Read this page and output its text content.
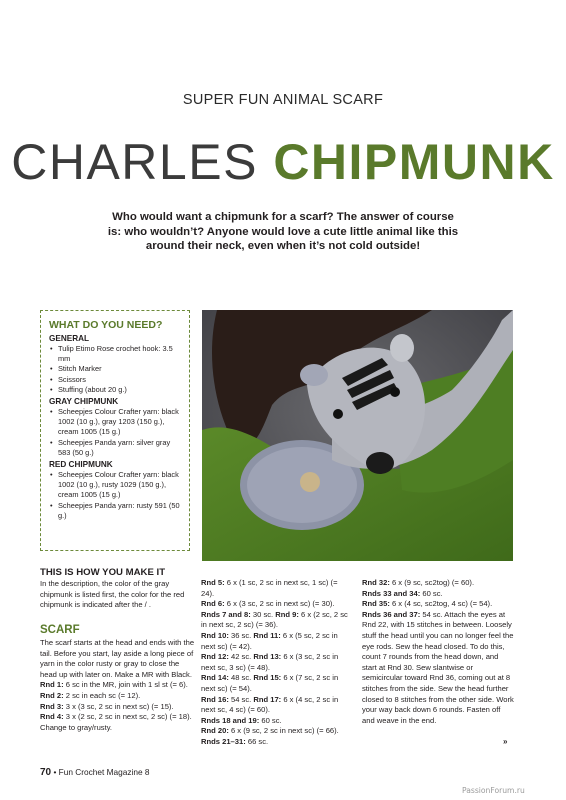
SUPER FUN ANIMAL SCARF
CHARLES CHIPMUNK
Who would want a chipmunk for a scarf? The answer of course is: who wouldn’t? Anyone would love a cute little animal like this around their neck, even when it’s not cold outside!
WHAT DO YOU NEED?
GENERAL
• Tulip Etimo Rose crochet hook: 3.5 mm
• Stitch Marker
• Scissors
• Stuffing (about 20 g.)
GRAY CHIPMUNK
• Scheepjes Colour Crafter yarn: black 1002 (10 g.), gray 1203 (150 g.), cream 1005 (15 g.)
• Scheepjes Panda yarn: silver gray 583 (50 g.)
RED CHIPMUNK
• Scheepjes Colour Crafter yarn: black 1002 (10 g.), rusty 1029 (150 g.), cream 1005 (15 g.)
• Scheepjes Panda yarn: rusty 591 (50 g.)
THIS IS HOW YOU MAKE IT

In the description, the color of the gray chipmunk is listed first, the color for the red chipmunk is indicated after the / .

SCARF
The scarf starts at the head and ends with the tail. Before you start, lay aside a long piece of yarn in the color rusty or gray to close the head up with later on. Make a MR with Black.
Rnd 1: 6 sc in the MR, join with 1 sl st (= 6).
Rnd 2: 2 sc in each sc (= 12).
Rnd 3: 3 x (3 sc, 2 sc in next sc) (= 15).
Rnd 4: 3 x (2 sc, 2 sc in next sc, 2 sc) (= 18). Change to gray/rusty.
Rnd 5: 6 x (1 sc, 2 sc in next sc, 1 sc) (= 24).
Rnd 6: 6 x (3 sc, 2 sc in next sc) (= 30).
Rnds 7 and 8: 30 sc. Rnd 9: 6 x (2 sc, 2 sc in next sc, 2 sc) (= 36).
Rnd 10: 36 sc. Rnd 11: 6 x (5 sc, 2 sc in next sc) (= 42).
Rnd 12: 42 sc. Rnd 13: 6 x (3 sc, 2 sc in next sc, 3 sc) (= 48).
Rnd 14: 48 sc. Rnd 15: 6 x (7 sc, 2 sc in next sc) (= 54).
Rnd 16: 54 sc. Rnd 17: 6 x (4 sc, 2 sc in next sc, 4 sc) (= 60).
Rnds 18 and 19: 60 sc.
Rnd 20: 6 x (9 sc, 2 sc in next sc) (= 66).
Rnds 21–31: 66 sc.
Rnd 32: 6 x (9 sc, sc2tog) (= 60).
Rnds 33 and 34: 60 sc.
Rnd 35: 6 x (4 sc, sc2tog, 4 sc) (= 54).
Rnds 36 and 37: 54 sc. Attach the eyes at Rnd 22, with 15 stitches in between. Loosely stuff the head until you can no longer feel the eye rods. Sew the head closed. To do this, count 7 rounds from the head down, and start at Rnd 30. Sew slantwise or semicircular toward Rnd 36, coming out at 8 stitches from the side. Sew the head further closed to 8 stitches from the other side. Work your way back down 6 rounds. Fasten off and weave in the end.
»
70 • Fun Crochet Magazine 8
PassionForum.ru
